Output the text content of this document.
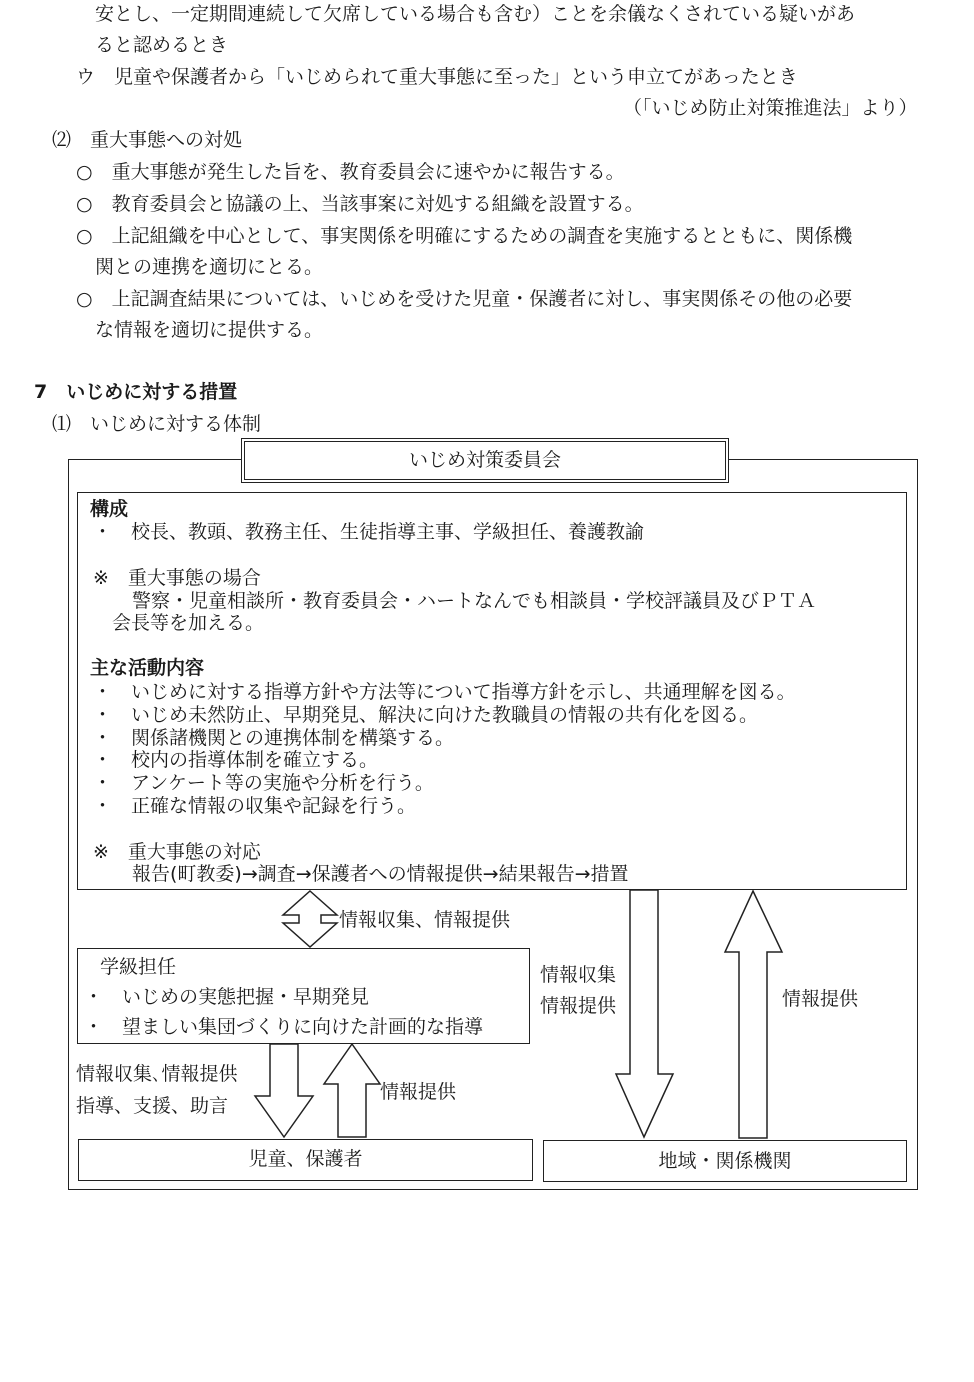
安とし、一定期間連続して欠席している場合も含む）ことを余儀なくされている疑いがあ
ると認めるとき
ウ　児童や保護者から「いじめられて重大事態に至った」という申立てがあったとき
（「いじめ防止対策推進法」より）
⑵　重大事態への対処
○　重大事態が発生した旨を、教育委員会に速やかに報告する。
○　教育委員会と協議の上、当該事案に対処する組織を設置する。
○　上記組織を中心として、事実関係を明確にするための調査を実施するとともに、関係機
関との連携を適切にとる。
○　上記調査結果については、いじめを受けた児童・保護者に対し、事実関係その他の必要
な情報を適切に提供する。
7　いじめに対する措置
⑴　いじめに対する体制
いじめ対策委員会
構成
・　校長、教頭、教務主任、生徒指導主事、学級担任、養護教諭
※　重大事態の場合
警察・児童相談所・教育委員会・ハートなんでも相談員・学校評議員及びＰＴＡ
会長等を加える。
主な活動内容
・　いじめに対する指導方針や方法等について指導方針を示し、共通理解を図る。
・　いじめ未然防止、早期発見、解決に向けた教職員の情報の共有化を図る。
・　関係諸機関との連携体制を構築する。
・　校内の指導体制を確立する。
・　アンケート等の実施や分析を行う。
・　正確な情報の収集や記録を行う。
※　重大事態の対応
報告(町教委)→調査→保護者への情報提供→結果報告→措置
情報収集、情報提供
学級担任
・　いじめの実態把握・早期発見
・　望ましい集団づくりに向けた計画的な指導
情報収集
情報提供	情報提供
情報収集､情報提供
指導、支援、助言
情報提供
児童、保護者	地域・関係機関
